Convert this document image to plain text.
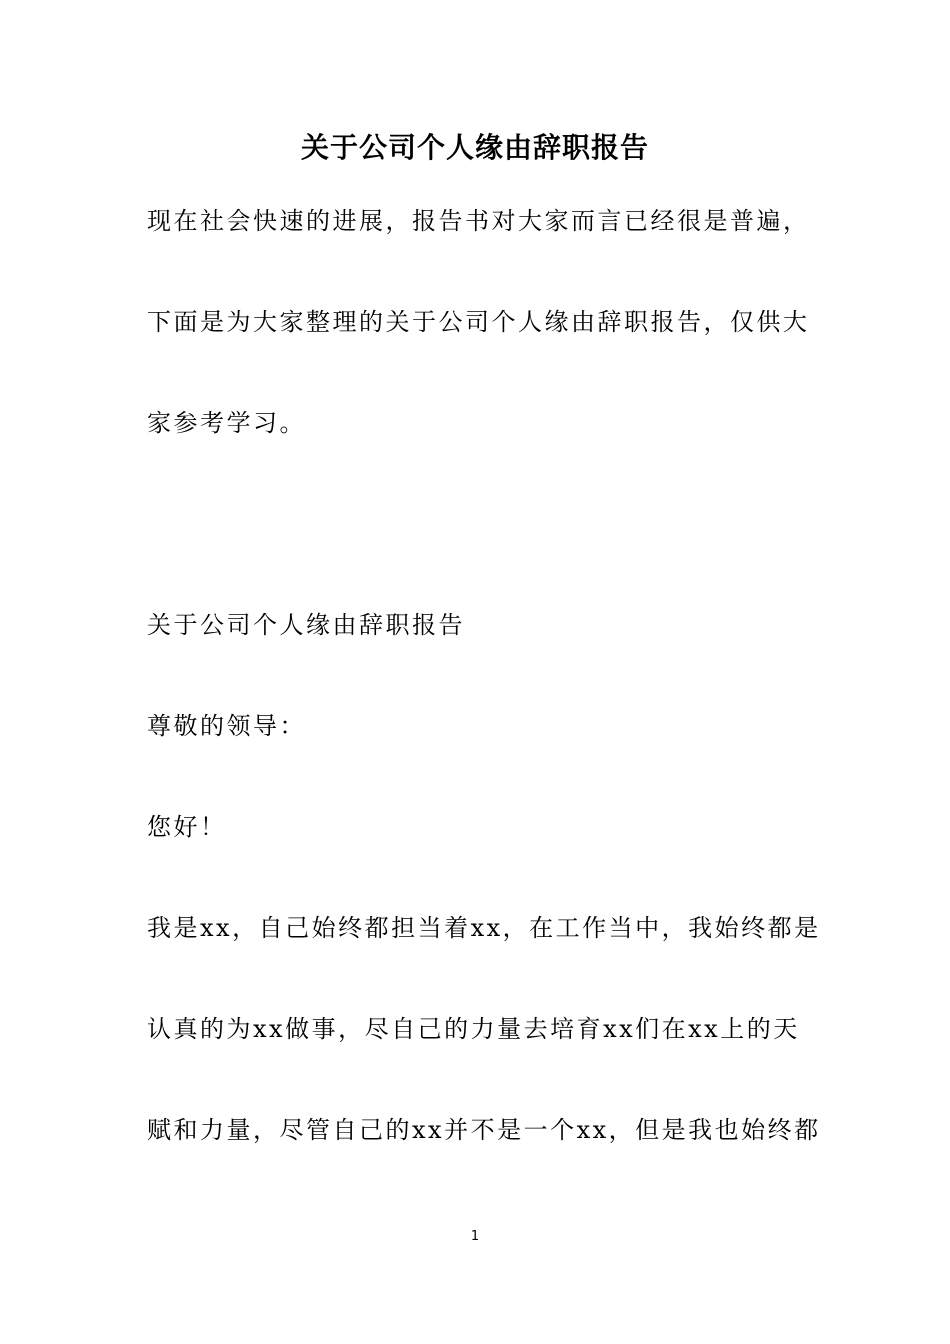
关于公司个人缘由辞职报告
现在社会快速的进展，报告书对大家而言已经很是普遍，
下面是为大家整理的关于公司个人缘由辞职报告，仅供大
家参考学习。
关于公司个人缘由辞职报告
尊敬的领导：
您好！
我是xx，自己始终都担当着xx，在工作当中，我始终都是
认真的为xx做事，尽自己的力量去培育xx们在xx上的天
赋和力量，尽管自己的xx并不是一个xx，但是我也始终都
1
